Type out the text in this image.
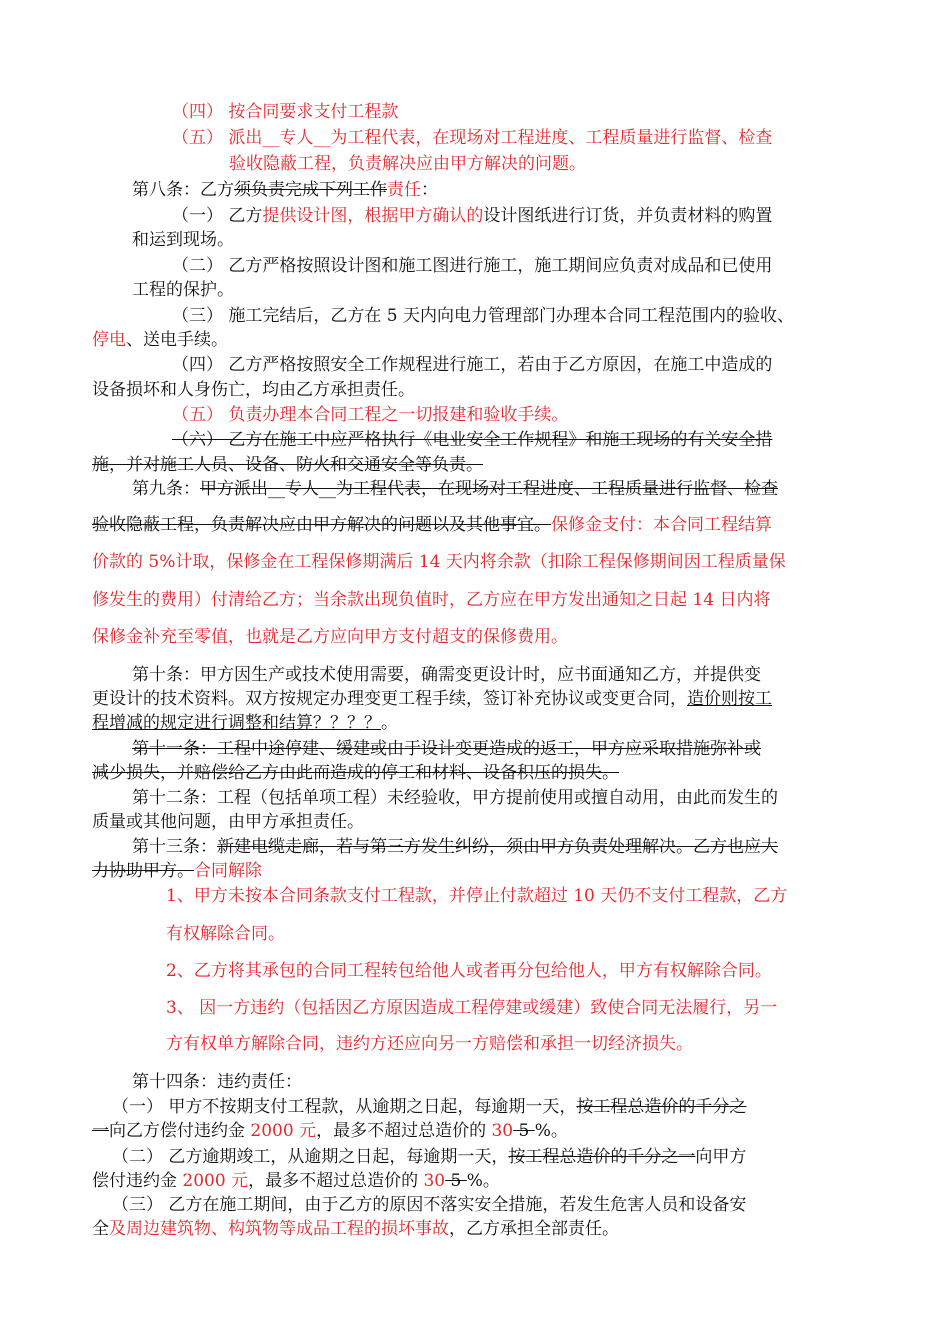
（四） 按合同要求支付工程款
（五） 派出__专人__为工程代表，在现场对工程进度、工程质量进行监督、检查
验收隐蔽工程，负责解决应由甲方解决的问题。
第八条：乙方须负责完成下列工作责任：
（一） 乙方提供设计图，根据甲方确认的设计图纸进行订货，并负责材料的购置
和运到现场。
（二） 乙方严格按照设计图和施工图进行施工，施工期间应负责对成品和已使用
工程的保护。
（三） 施工完结后，乙方在 5 天内向电力管理部门办理本合同工程范围内的验收、
停电、送电手续。
（四） 乙方严格按照安全工作规程进行施工，若由于乙方原因，在施工中造成的
设备损坏和人身伤亡，均由乙方承担责任。
（五） 负责办理本合同工程之一切报建和验收手续。
（六） 乙方在施工中应严格执行《电业安全工作规程》和施工现场的有关安全措
施，并对施工人员、设备、防火和交通安全等负责。
第九条：甲方派出__专人__为工程代表，在现场对工程进度、工程质量进行监督、检查
验收隐蔽工程，负责解决应由甲方解决的问题以及其他事宜。保修金支付：本合同工程结算
价款的 5%计取，保修金在工程保修期满后 14 天内将余款（扣除工程保修期间因工程质量保
修发生的费用）付清给乙方；当余款出现负值时，乙方应在甲方发出通知之日起 14 日内将
保修金补充至零值，也就是乙方应向甲方支付超支的保修费用。
第十条：甲方因生产或技术使用需要，确需变更设计时，应书面通知乙方，并提供变
更设计的技术资料。双方按规定办理变更工程手续，签订补充协议或变更合同，造价则按工
程增减的规定进行调整和结算？？？？。
第十一条：工程中途停建、缓建或由于设计变更造成的返工，甲方应采取措施弥补或
减少损失，并赔偿给乙方由此而造成的停工和材料、设备积压的损失。
第十二条：工程（包括单项工程）未经验收，甲方提前使用或擅自动用，由此而发生的
质量或其他问题，由甲方承担责任。
第十三条：新建电缆走廊，若与第三方发生纠纷，须由甲方负责处理解决。乙方也应大
力协助甲方。合同解除
1、甲方未按本合同条款支付工程款，并停止付款超过 10 天仍不支付工程款，乙方
有权解除合同。
2、乙方将其承包的合同工程转包给他人或者再分包给他人，甲方有权解除合同。
3、 因一方违约（包括因乙方原因造成工程停建或缓建）致使合同无法履行，另一
方有权单方解除合同，违约方还应向另一方赔偿和承担一切经济损失。
第十四条：违约责任：
（一） 甲方不按期支付工程款，从逾期之日起，每逾期一天，按工程总造价的千分之
一向乙方偿付违约金 2000 元，最多不超过总造价的 30 5 %。
（二） 乙方逾期竣工，从逾期之日起，每逾期一天，按工程总造价的千分之一向甲方
偿付违约金 2000 元，最多不超过总造价的 30 5 %。
（三） 乙方在施工期间，由于乙方的原因不落实安全措施，若发生危害人员和设备安
全及周边建筑物、构筑物等成品工程的损坏事故，乙方承担全部责任。
